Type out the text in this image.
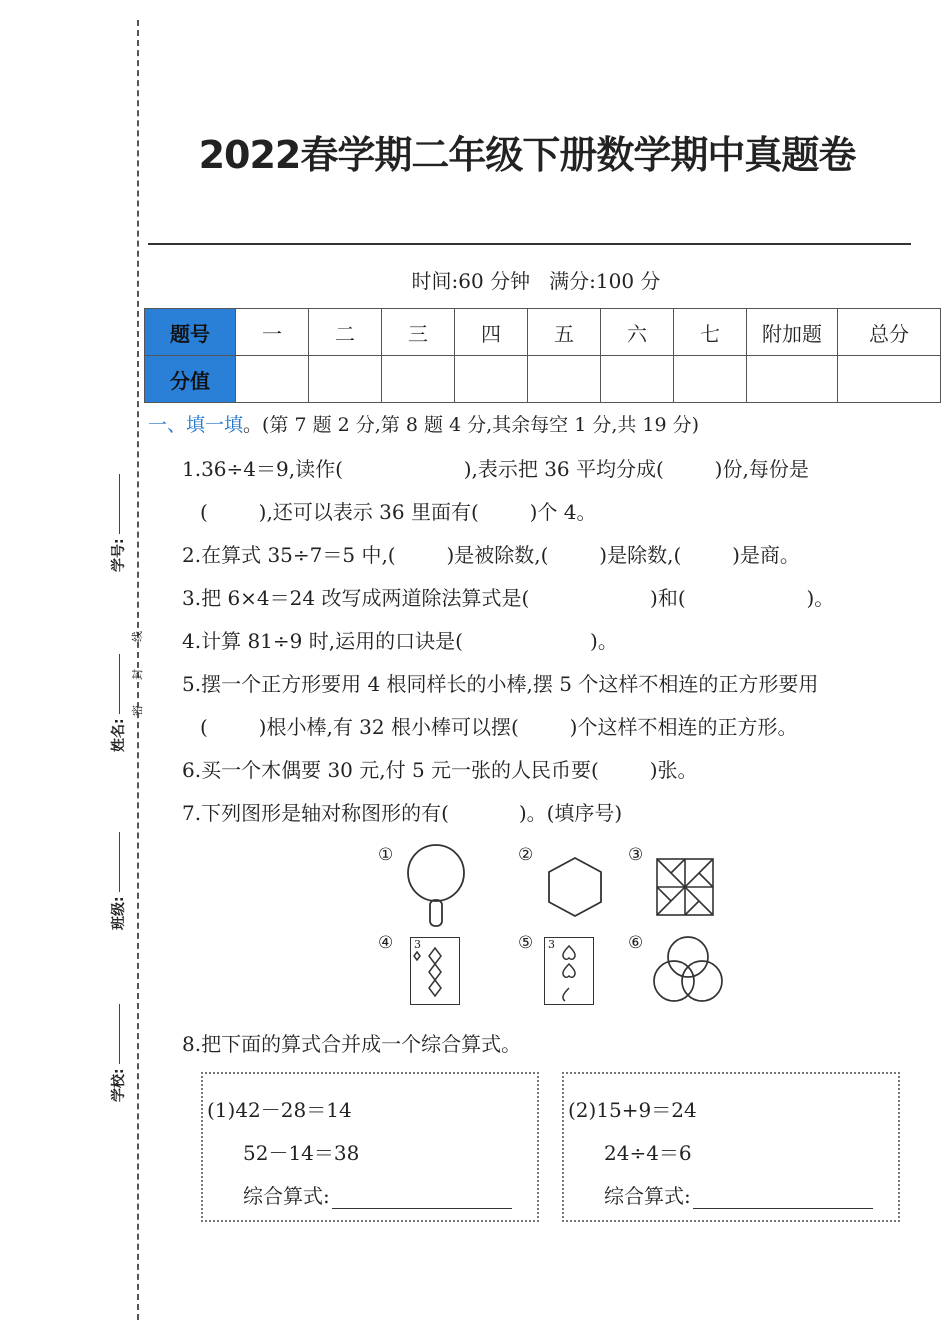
学校:
班级:
姓名:
学号:
密
封
线
2022春学期二年级下册数学期中真题卷
时间:60 分钟   满分:100 分
题号	一	二	三	四	五	六	七	附加题	总分
分值									
一、填一填。(第 7 题 2 分,第 8 题 4 分,其余每空 1 分,共 19 分)
1.36÷4＝9,读作(                   ),表示把 36 平均分成(        )份,每份是
(        ),还可以表示 36 里面有(        )个 4。
2.在算式 35÷7＝5 中,(        )是被除数,(        )是除数,(        )是商。
3.把 6×4＝24 改写成两道除法算式是(                   )和(                   )。
4.计算 81÷9 时,运用的口诀是(                    )。
5.摆一个正方形要用 4 根同样长的小棒,摆 5 个这样不相连的正方形要用
(        )根小棒,有 32 根小棒可以摆(        )个这样不相连的正方形。
6.买一个木偶要 30 元,付 5 元一张的人民币要(        )张。
7.下列图形是轴对称图形的有(           )。(填序号)
①	②	③
④ 3	⑤ 3	⑥
8.把下面的算式合并成一个综合算式。
(1)42－28＝14
52－14＝38
综合算式:
(2)15+9＝24
24÷4＝6
综合算式:
